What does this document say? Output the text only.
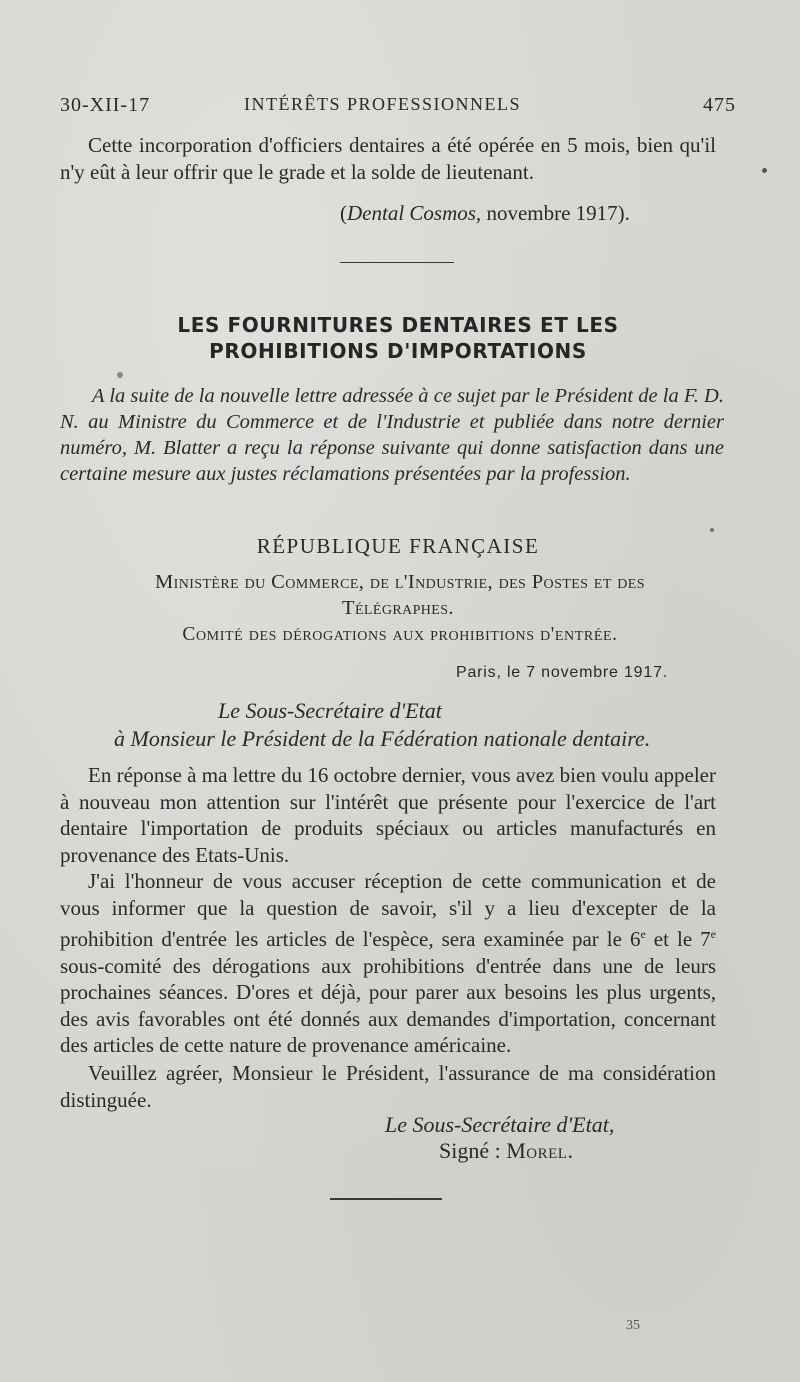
30-XII-17	INTÉRÊTS PROFESSIONNELS	475
Cette incorporation d'officiers dentaires a été opérée en 5 mois, bien qu'il n'y eût à leur offrir que le grade et la solde de lieutenant.
(Dental Cosmos, novembre 1917).
LES FOURNITURES DENTAIRES ET LES
PROHIBITIONS D'IMPORTATIONS
A la suite de la nouvelle lettre adressée à ce sujet par le Président de la F. D. N. au Ministre du Commerce et de l'Industrie et publiée dans notre dernier numéro, M. Blatter a reçu la réponse suivante qui donne satisfaction dans une certaine mesure aux justes réclamations présentées par la profession.
RÉPUBLIQUE FRANÇAISE
Ministère du Commerce, de l'Industrie, des Postes et des
Télégraphes.
Comité des dérogations aux prohibitions d'entrée.
Paris, le 7 novembre 1917.
Le Sous-Secrétaire d'Etat
à Monsieur le Président de la Fédération nationale dentaire.
En réponse à ma lettre du 16 octobre dernier, vous avez bien voulu appeler à nouveau mon attention sur l'intérêt que présente pour l'exercice de l'art dentaire l'importation de produits spéciaux ou articles manufacturés en provenance des Etats-Unis.
J'ai l'honneur de vous accuser réception de cette communication et de vous informer que la question de savoir, s'il y a lieu d'excepter de la prohibition d'entrée les articles de l'espèce, sera examinée par le 6e et le 7e sous-comité des dérogations aux prohibitions d'entrée dans une de leurs prochaines séances. D'ores et déjà, pour parer aux besoins les plus urgents, des avis favorables ont été donnés aux demandes d'importation, concernant des articles de cette nature de provenance américaine.
Veuillez agréer, Monsieur le Président, l'assurance de ma considération distinguée.
Le Sous-Secrétaire d'Etat,
Signé : Morel.
35
